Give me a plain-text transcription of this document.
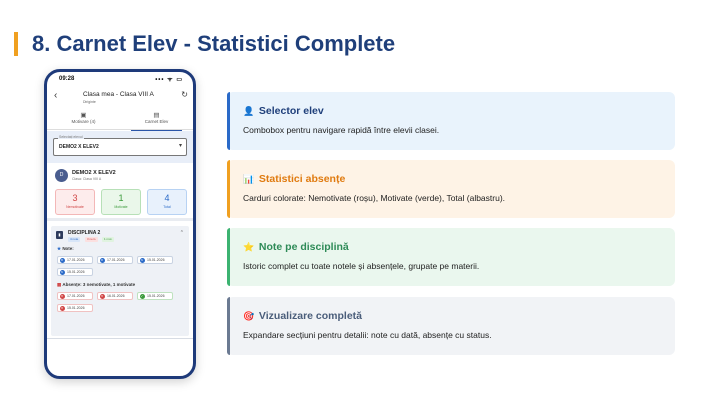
8. Carnet Elev - Statistici Complete
09:28	••• ᯤ ▭
‹	Clasa mea - Clasa VIII A
Diriginte
↻
▣
Motivare (4)
▤
Carnet Elev
Selectați elevul
DEMO2 X ELEV2	▾
D	DEMO2 X ELEV2
Clasa: Clasa VIII A
3
Nemotivate
1
Motivate
4
Total
▮	DISCIPLINA 2	⌃
4 note	3 nem.	1 mot.
★ Note:
8	17.01.2026	8	17.01.2026	6	15.01.2026
6	15.01.2026
▦ Absențe: 3 nemotivate, 1 motivate
✕	17.01.2026	✕	16.01.2026	✓	15.01.2026
✕	15.01.2026
👤 Selector elev
Combobox pentru navigare rapidă între elevii clasei.
📊 Statistici absențe
Carduri colorate: Nemotivate (roșu), Motivate (verde), Total (albastru).
⭐ Note pe disciplină
Istoric complet cu toate notele și absențele, grupate pe materii.
🎯 Vizualizare completă
Expandare secțiuni pentru detalii: note cu dată, absențe cu status.
